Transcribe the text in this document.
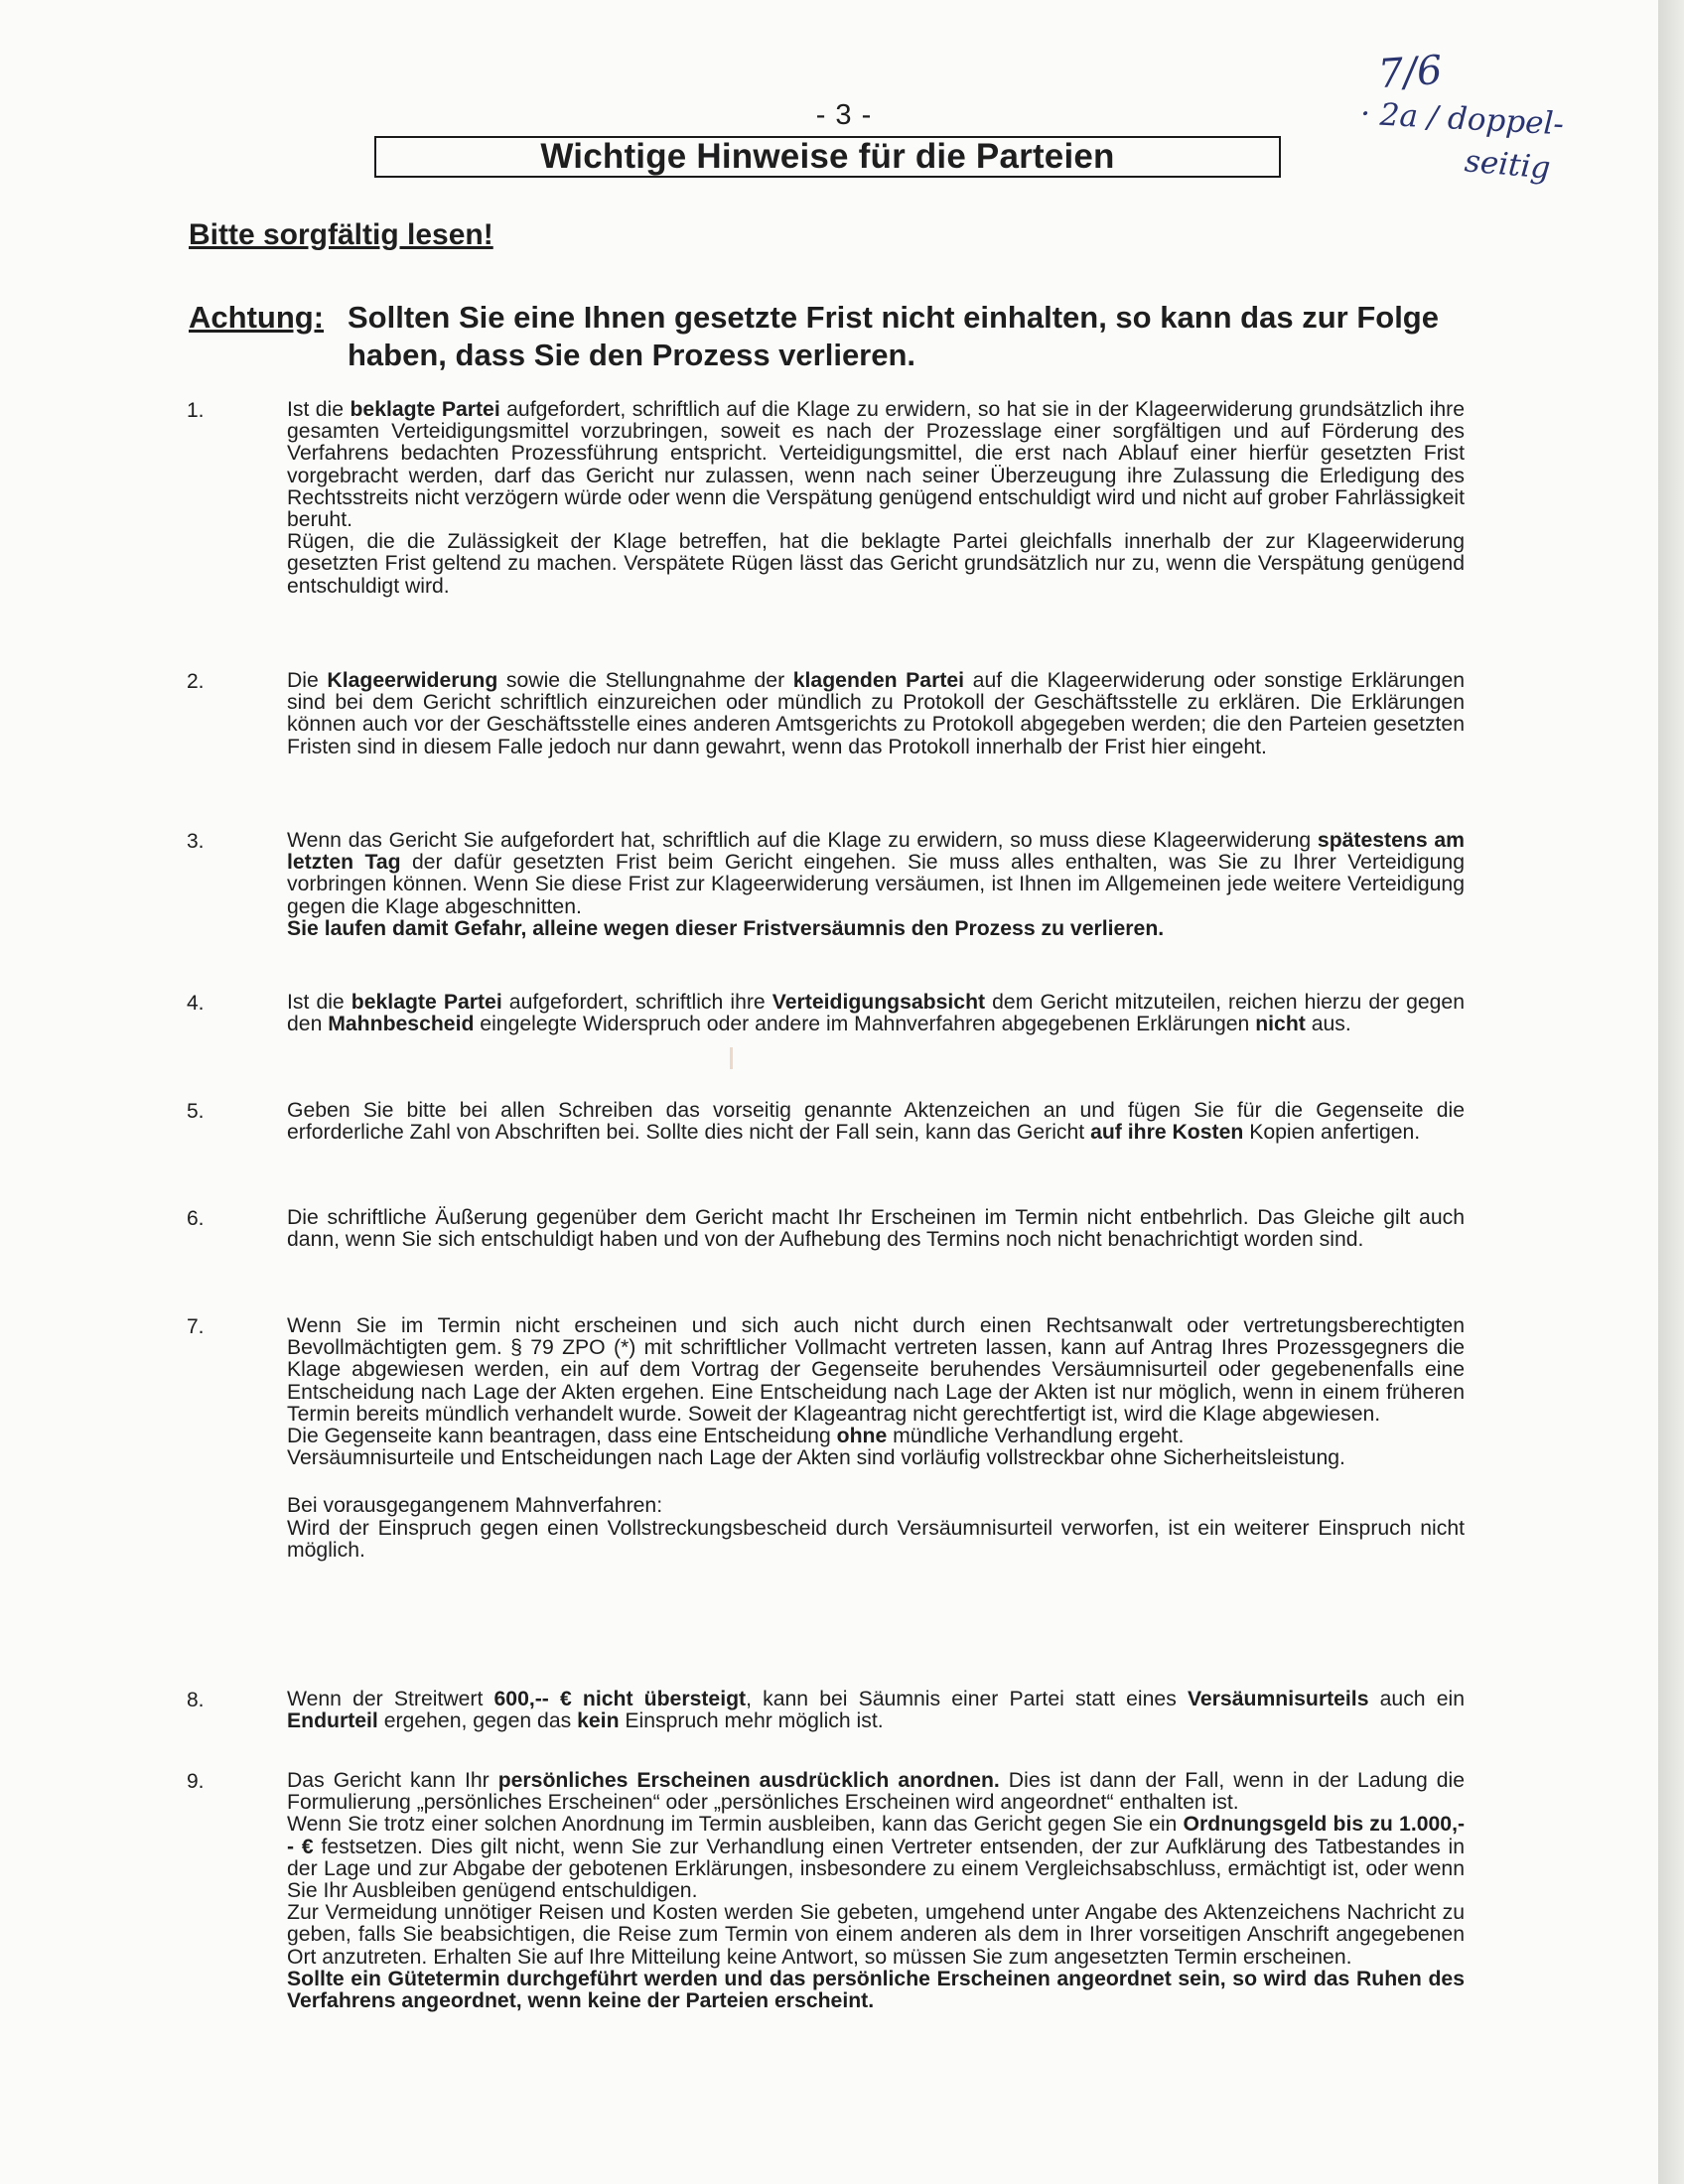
- 3 -
Wichtige Hinweise für die Parteien
7/6
· 2a / doppel-
seitig
Bitte sorgfältig lesen!
Achtung: Sollten Sie eine Ihnen gesetzte Frist nicht einhalten, so kann das zur Folge haben, dass Sie den Prozess verlieren.
1.	Ist die beklagte Partei aufgefordert, schriftlich auf die Klage zu erwidern, so hat sie in der Klageerwiderung grundsätzlich ihre gesamten Verteidigungsmittel vorzubringen, soweit es nach der Prozesslage einer sorgfältigen und auf Förderung des Verfahrens bedachten Prozessführung entspricht. Verteidigungsmittel, die erst nach Ablauf einer hierfür gesetzten Frist vorgebracht werden, darf das Gericht nur zulassen, wenn nach seiner Überzeugung ihre Zulassung die Erledigung des Rechtsstreits nicht verzögern würde oder wenn die Verspätung genügend entschuldigt wird und nicht auf grober Fahrlässigkeit beruht.

Rügen, die die Zulässigkeit der Klage betreffen, hat die beklagte Partei gleichfalls innerhalb der zur Klageerwiderung gesetzten Frist geltend zu machen. Verspätete Rügen lässt das Gericht grundsätzlich nur zu, wenn die Verspätung genügend entschuldigt wird.

2.	Die Klageerwiderung sowie die Stellungnahme der klagenden Partei auf die Klageerwiderung oder sonstige Erklärungen sind bei dem Gericht schriftlich einzureichen oder mündlich zu Protokoll der Geschäftsstelle zu erklären. Die Erklärungen können auch vor der Geschäftsstelle eines anderen Amtsgerichts zu Protokoll abgegeben werden; die den Parteien gesetzten Fristen sind in diesem Falle jedoch nur dann gewahrt, wenn das Protokoll innerhalb der Frist hier eingeht.

3.	Wenn das Gericht Sie aufgefordert hat, schriftlich auf die Klage zu erwidern, so muss diese Klageerwiderung spätestens am letzten Tag der dafür gesetzten Frist beim Gericht eingehen. Sie muss alles enthalten, was Sie zu Ihrer Verteidigung vorbringen können. Wenn Sie diese Frist zur Klageerwiderung versäumen, ist Ihnen im Allgemeinen jede weitere Verteidigung gegen die Klage abgeschnitten.

Sie laufen damit Gefahr, alleine wegen dieser Fristversäumnis den Prozess zu verlieren.

4.	Ist die beklagte Partei aufgefordert, schriftlich ihre Verteidigungsabsicht dem Gericht mitzuteilen, reichen hierzu der gegen den Mahnbescheid eingelegte Widerspruch oder andere im Mahnverfahren abgegebenen Erklärungen nicht aus.

5.	Geben Sie bitte bei allen Schreiben das vorseitig genannte Aktenzeichen an und fügen Sie für die Gegenseite die erforderliche Zahl von Abschriften bei. Sollte dies nicht der Fall sein, kann das Gericht auf ihre Kosten Kopien anfertigen.

6.	Die schriftliche Äußerung gegenüber dem Gericht macht Ihr Erscheinen im Termin nicht entbehrlich. Das Gleiche gilt auch dann, wenn Sie sich entschuldigt haben und von der Aufhebung des Termins noch nicht benachrichtigt worden sind.

7.	Wenn Sie im Termin nicht erscheinen und sich auch nicht durch einen Rechtsanwalt oder vertretungsberechtigten Bevollmächtigten gem. § 79 ZPO (*) mit schriftlicher Vollmacht vertreten lassen, kann auf Antrag Ihres Prozessgegners die Klage abgewiesen werden, ein auf dem Vortrag der Gegenseite beruhendes Versäumnisurteil oder gegebenenfalls eine Entscheidung nach Lage der Akten ergehen. Eine Entscheidung nach Lage der Akten ist nur möglich, wenn in einem früheren Termin bereits mündlich verhandelt wurde. Soweit der Klageantrag nicht gerechtfertigt ist, wird die Klage abgewiesen.

Die Gegenseite kann beantragen, dass eine Entscheidung ohne mündliche Verhandlung ergeht.

Versäumnisurteile und Entscheidungen nach Lage der Akten sind vorläufig vollstreckbar ohne Sicherheitsleistung.

Bei vorausgegangenem Mahnverfahren:

Wird der Einspruch gegen einen Vollstreckungsbescheid durch Versäumnisurteil verworfen, ist ein weiterer Einspruch nicht möglich.

8.	Wenn der Streitwert 600,-- € nicht übersteigt, kann bei Säumnis einer Partei statt eines Versäumnisurteils auch ein Endurteil ergehen, gegen das kein Einspruch mehr möglich ist.

9.	Das Gericht kann Ihr persönliches Erscheinen ausdrücklich anordnen. Dies ist dann der Fall, wenn in der Ladung die Formulierung „persönliches Erscheinen“ oder „persönliches Erscheinen wird angeordnet“ enthalten ist.

Wenn Sie trotz einer solchen Anordnung im Termin ausbleiben, kann das Gericht gegen Sie ein Ordnungsgeld bis zu 1.000,-- € festsetzen. Dies gilt nicht, wenn Sie zur Verhandlung einen Vertreter entsenden, der zur Aufklärung des Tatbestandes in der Lage und zur Abgabe der gebotenen Erklärungen, insbesondere zu einem Vergleichsabschluss, ermächtigt ist, oder wenn Sie Ihr Ausbleiben genügend entschuldigen.

Zur Vermeidung unnötiger Reisen und Kosten werden Sie gebeten, umgehend unter Angabe des Aktenzeichens Nachricht zu geben, falls Sie beabsichtigen, die Reise zum Termin von einem anderen als dem in Ihrer vorseitigen Anschrift angegebenen Ort anzutreten. Erhalten Sie auf Ihre Mitteilung keine Antwort, so müssen Sie zum angesetzten Termin erscheinen.

Sollte ein Gütetermin durchgeführt werden und das persönliche Erscheinen angeordnet sein, so wird das Ruhen des Verfahrens angeordnet, wenn keine der Parteien erscheint.
